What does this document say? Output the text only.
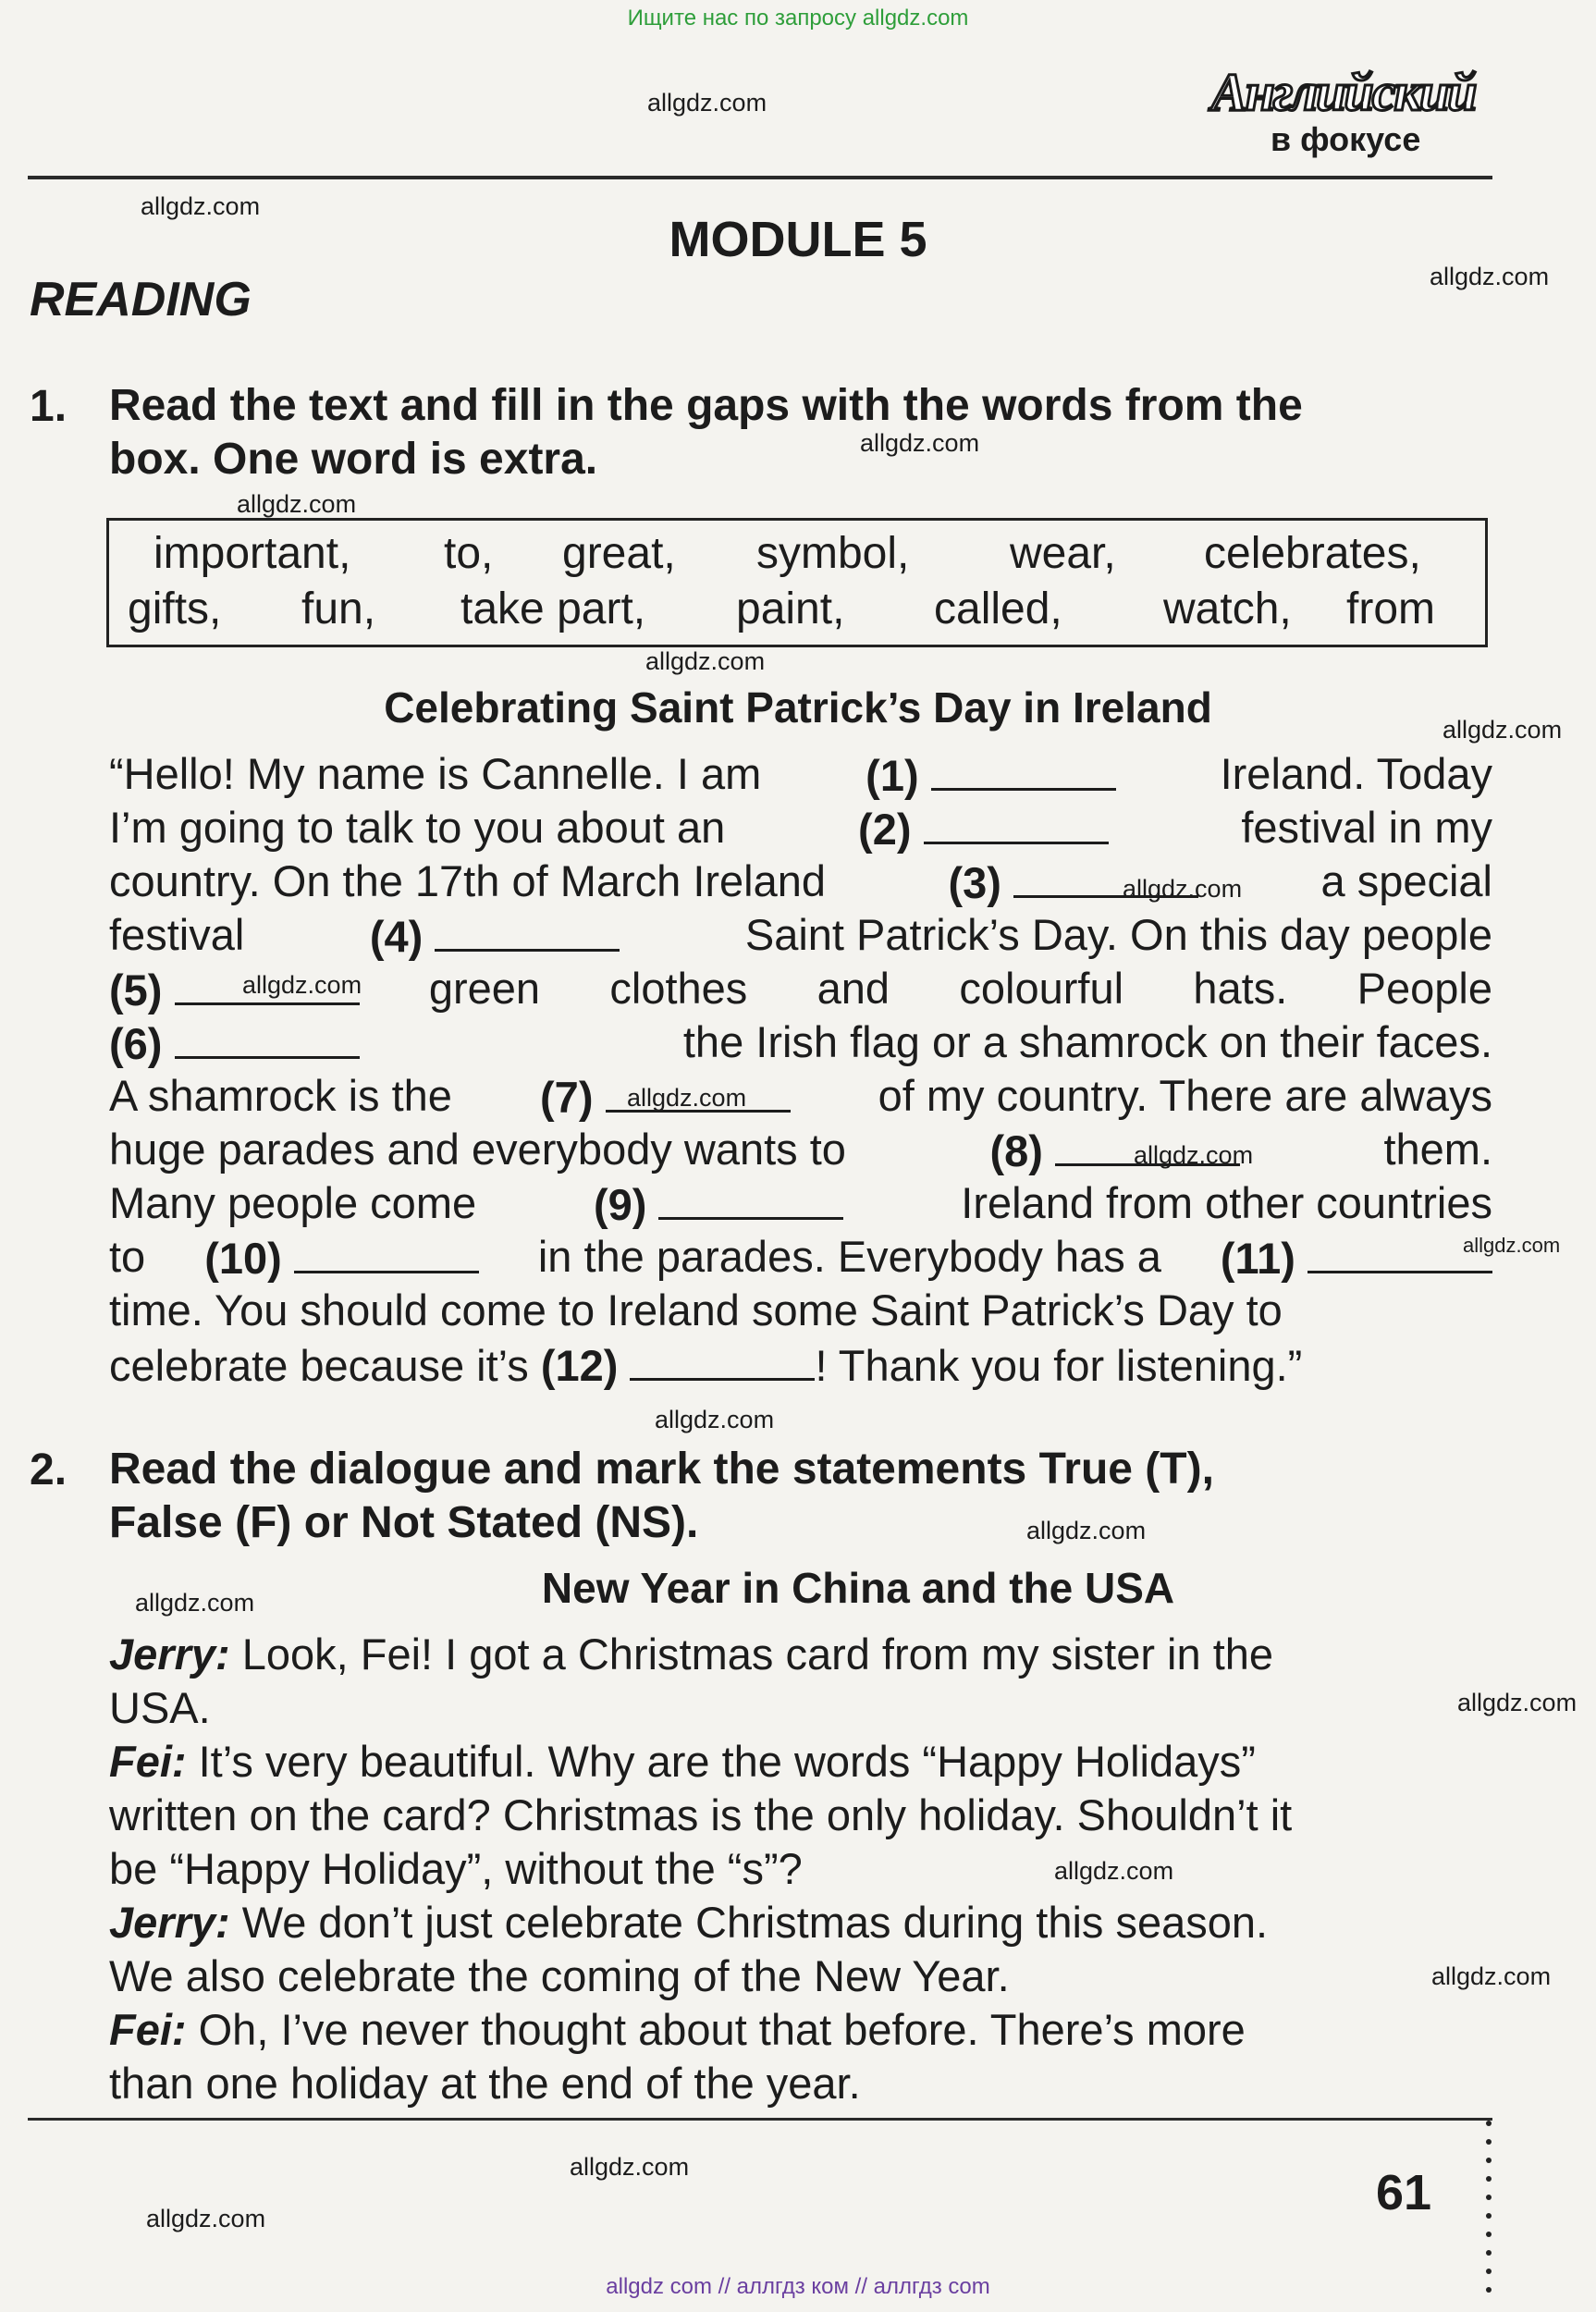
Ищите нас по запросу allgdz.com
allgdz com // аллгдз ком // аллгдз com
Английский
в фокусе
MODULE 5
READING
1. Read the text and fill in the gaps with the words from the
box. One word is extra.
important, to, great, symbol, wear, celebrates,
gifts, fun, take part, paint, called, watch, from
Celebrating Saint Patrick’s Day in Ireland
“Hello! My name is Cannelle. I am (1)	Ireland. Today
I’m going to talk to you about an	(2)	festival in my
country. On the 17th of March Ireland	(3)	a special
festival	(4)	Saint Patrick’s Day. On this day people
(5)	green clothes and colourful hats. People
(6)	the Irish flag or a shamrock on their faces.
A shamrock is the (7)	of my country. There are always
huge parades and everybody wants to	(8)	them.
Many people come	(9)	Ireland from other countries
to (10)	in the parades. Everybody has a (11)
time. You should come to Ireland some Saint Patrick’s Day to
celebrate because it’s (12)	! Thank you for listening.”
2. Read the dialogue and mark the statements True (T),
False (F) or Not Stated (NS).
New Year in China and the USA
Jerry: Look, Fei! I got a Christmas card from my sister in the
USA.
Fei: It’s very beautiful. Why are the words “Happy Holidays”
written on the card? Christmas is the only holiday. Shouldn’t it
be “Happy Holiday”, without the “s”?
Jerry: We don’t just celebrate Christmas during this season.
We also celebrate the coming of the New Year.
Fei: Oh, I’ve never thought about that before. There’s more
than one holiday at the end of the year.
61
allgdz.com
allgdz.com
allgdz.com
allgdz.com
allgdz.com
allgdz.com
allgdz.com
allgdz.com
allgdz.com
allgdz.com
allgdz.com
allgdz.com
allgdz.com
allgdz.com
allgdz.com
allgdz.com
allgdz.com
allgdz.com
allgdz.com
allgdz.com
